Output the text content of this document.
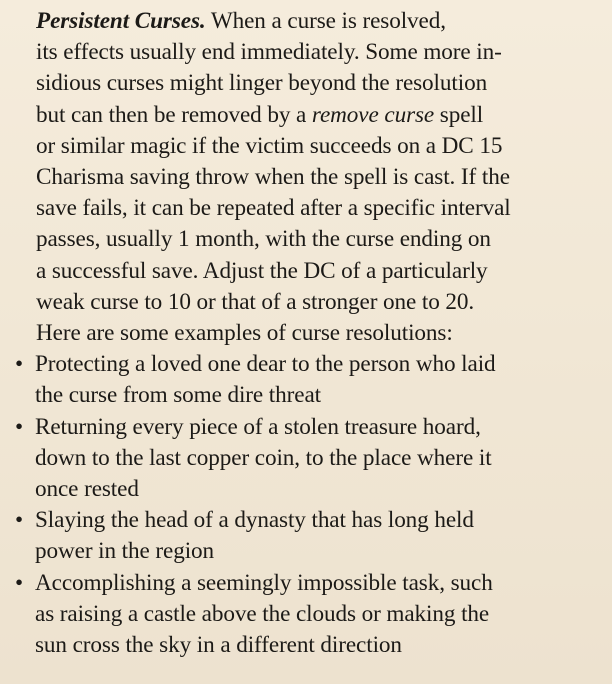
Persistent Curses. When a curse is resolved,
its effects usually end immediately. Some more in-
sidious curses might linger beyond the resolution
but can then be removed by a remove curse spell
or similar magic if the victim succeeds on a DC 15
Charisma saving throw when the spell is cast. If the
save fails, it can be repeated after a specific interval
passes, usually 1 month, with the curse ending on
a successful save. Adjust the DC of a particularly
weak curse to 10 or that of a stronger one to 20.

Here are some examples of curse resolutions:

• Protecting a loved one dear to the person who laid
the curse from some dire threat
• Returning every piece of a stolen treasure hoard,
down to the last copper coin, to the place where it
once rested
• Slaying the head of a dynasty that has long held
power in the region
• Accomplishing a seemingly impossible task, such
as raising a castle above the clouds or making the
sun cross the sky in a different direction
